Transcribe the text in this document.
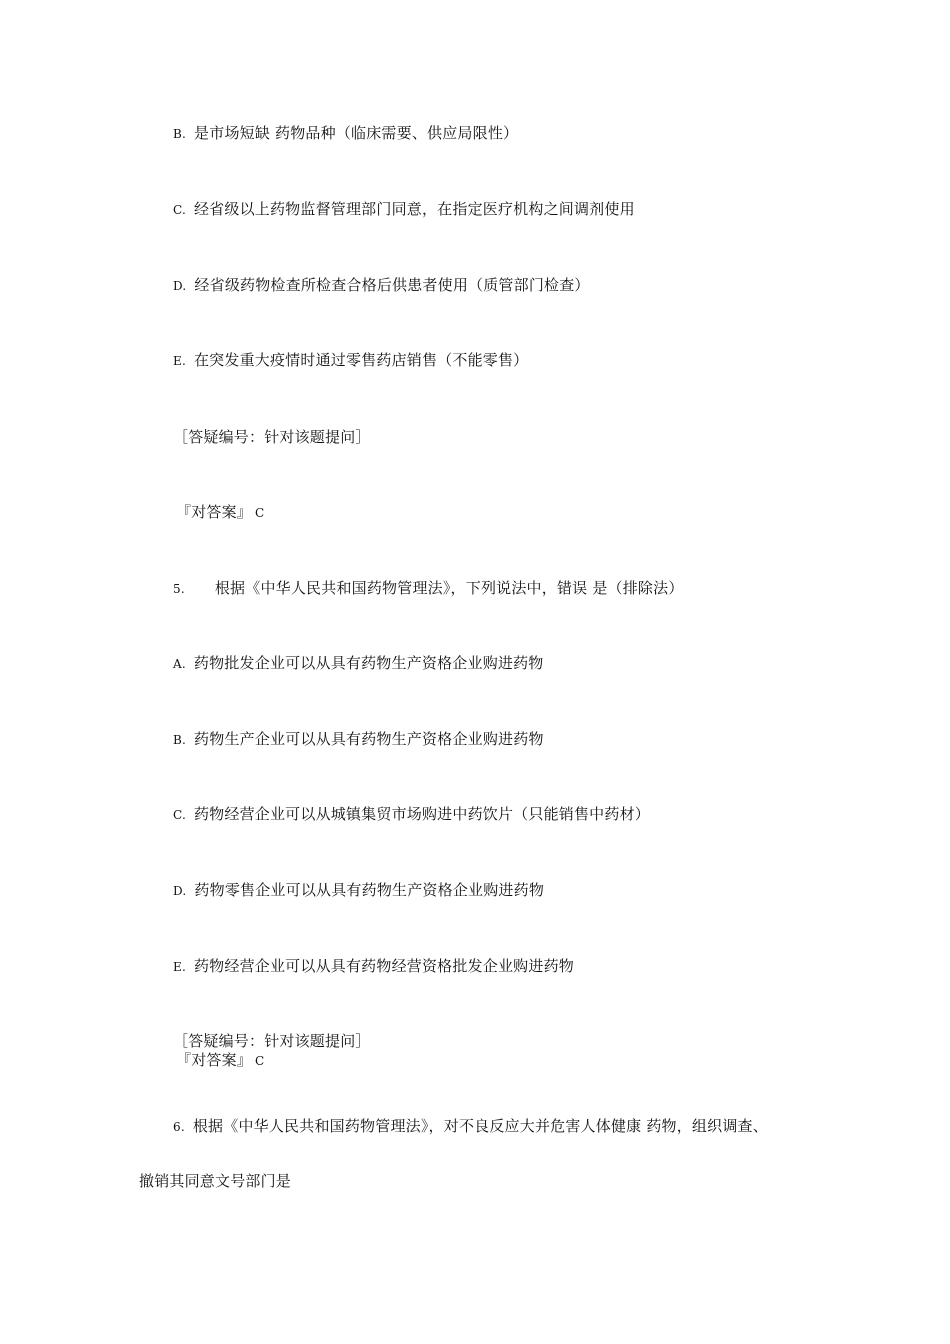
B. 是市场短缺 药物品种（临床需要、供应局限性）
C. 经省级以上药物监督管理部门同意，在指定医疗机构之间调剂使用
D. 经省级药物检查所检查合格后供患者使用（质管部门检查）
E. 在突发重大疫情时通过零售药店销售（不能零售）
［答疑编号：针对该题提问］
『对答案』 C
5. 根据《中华人民共和国药物管理法》，下列说法中，错误 是（排除法）
A. 药物批发企业可以从具有药物生产资格企业购进药物
B. 药物生产企业可以从具有药物生产资格企业购进药物
C. 药物经营企业可以从城镇集贸市场购进中药饮片（只能销售中药材）
D. 药物零售企业可以从具有药物生产资格企业购进药物
E. 药物经营企业可以从具有药物经营资格批发企业购进药物
［答疑编号：针对该题提问］
『对答案』 C
6. 根据《中华人民共和国药物管理法》，对不良反应大并危害人体健康 药物，组织调查、
撤销其同意文号部门是
